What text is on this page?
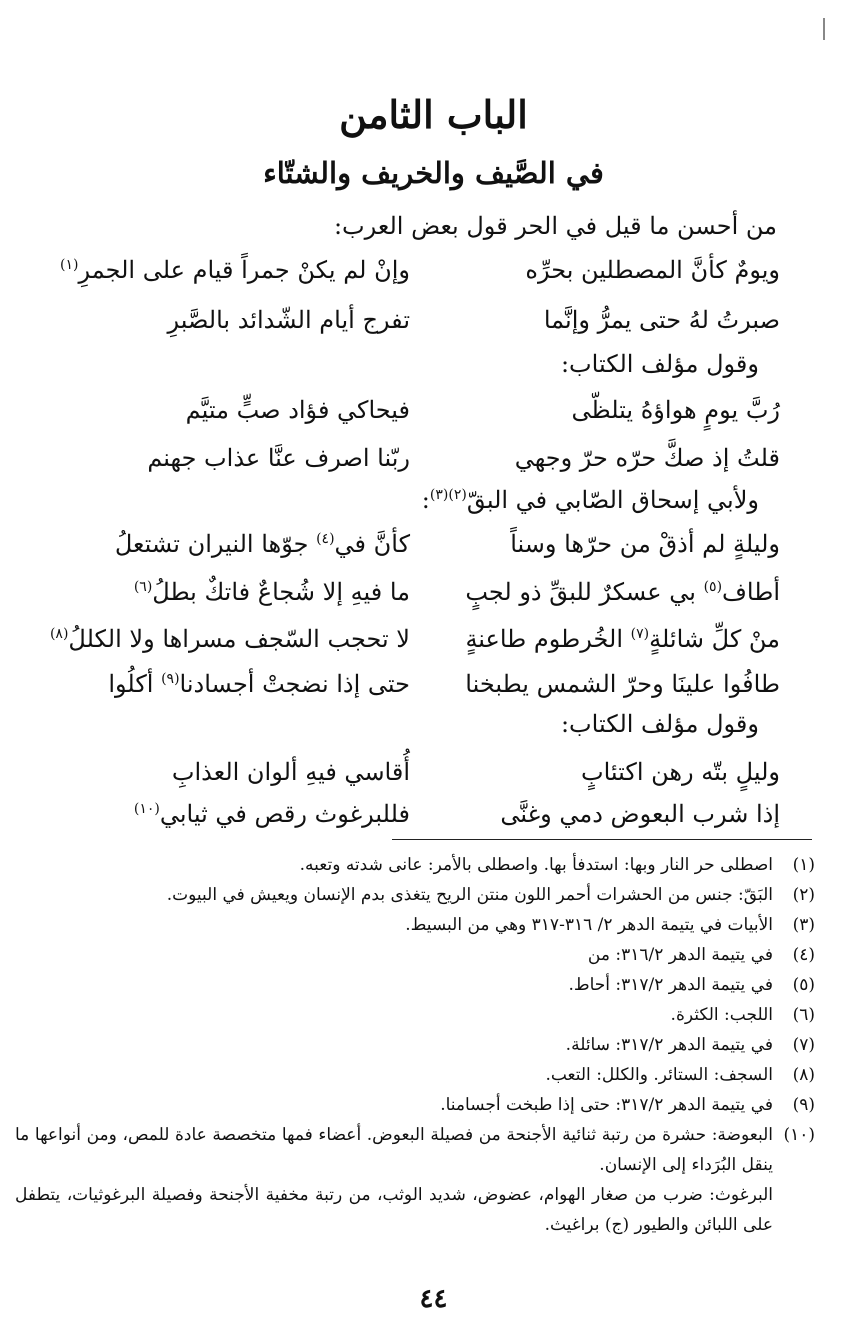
الباب الثامن
في الصَّيف والخريف والشتّاء
من أحسن ما قيل في الحر قول بعض العرب:
ويومٌ كأنَّ المصطلين بحرِّه
وإنْ لم يكنْ جمراً قيام على الجمرِ$^{(١)}$
صبرتُ لهُ حتى يمرُّ وإنَّما
تفرج أيام الشّدائد بالصَّبرِ
وقول مؤلف الكتاب:
رُبَّ يومٍ هواؤهُ يتلظّى
فيحاكي فؤاد صبٍّ متيَّم
قلتُ إذ صكَّ حرّه حرّ وجهي
ربّنا اصرف عنَّا عذاب جهنم
ولأبي إسحاق الصّابي في البقّ$^{(٢)(٣)}$:
وليلةٍ لم أذقْ من حرّها وسناً
كأنَّ في$^{(٤)}$ جوّها النيران تشتعلُ
أطاف$^{(٥)}$ بي عسكرٌ للبقِّ ذو لجبٍ
ما فيهِ إلا شُجاعٌ فاتكٌ بطلُ$^{(٦)}$
منْ كلِّ شائلةٍ$^{(٧)}$ الخُرطوم طاعنةٍ
لا تحجب السّجف مسراها ولا الكللُ$^{(٨)}$
طافُوا علينَا وحرّ الشمس يطبخنا
حتى إذا نضجتْ أجسادنا$^{(٩)}$ أكلُوا
وقول مؤلف الكتاب:
وليلٍ بتّه رهن اكتئابٍ
أُقاسي فيهِ ألوان العذابِ
إذا شرب البعوض دمي وغنَّى
فللبرغوث رقص في ثيابي$^{(١٠)}$
(١)
اصطلى حر النار وبها: استدفأ بها. واصطلى بالأمر: عانى شدته وتعبه.
(٢)
البَقّ: جنس من الحشرات أحمر اللون منتن الريح يتغذى بدم الإنسان ويعيش في البيوت.
(٣)
الأبيات في يتيمة الدهر ٢/ ٣١٦-٣١٧ وهي من البسيط.
(٤)
في يتيمة الدهر ٣١٦/٢: من
(٥)
في يتيمة الدهر ٣١٧/٢: أحاط.
(٦)
اللجب: الكثرة.
(٧)
في يتيمة الدهر ٣١٧/٢: سائلة.
(٨)
السجف: الستائر. والكلل: التعب.
(٩)
في يتيمة الدهر ٣١٧/٢: حتى إذا طبخت أجسامنا.
(١٠)
البعوضة: حشرة من رتبة ثنائية الأجنحة من فصيلة البعوض. أعضاء فمها متخصصة عادة للمص، ومن أنواعها ما ينقل البُرَداء إلى الإنسان.
البرغوث: ضرب من صغار الهوام، عضوض، شديد الوثب، من رتبة مخفية الأجنحة وفصيلة البرغوثيات، يتطفل على اللبائن والطيور (ج) براغيث.
٤٤
